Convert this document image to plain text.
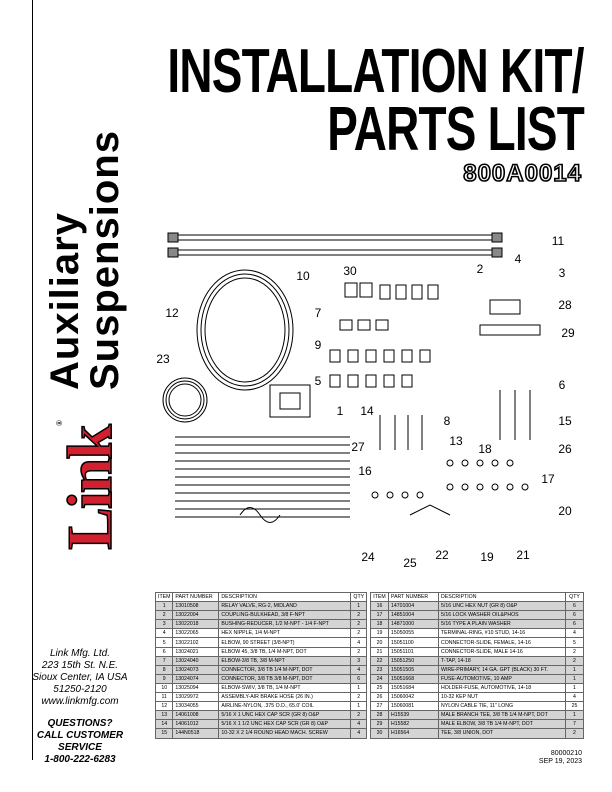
Auxiliary
Suspensions
Link
®
Link Mfg. Ltd.
223 15th St. N.E.
Sioux Center, IA USA
51250-2120
www.linkmfg.com
QUESTIONS?
CALL CUSTOMER
SERVICE
1-800-222-6283
INSTALLATION KIT/
PARTS LIST
800A0014
11
4
3
2
28
29
30
10
12	7
9
23
5	6
1 14
8
13
15
18	26
27
16
17
20
24 25
22	19 21
ITEM	PART NUMBER	DESCRIPTION	QTY
1	13010508	RELAY VALVE, RG-2, MIDLAND	1
2	13022004	COUPLING-BULKHEAD, 3/8 F-NPT	2
3	13022018	BUSHING-REDUCER, 1/2 M-NPT - 1/4 F-NPT	2
4	13022065	HEX NIPPLE, 1/4 M-NPT	2
5	13022102	ELBOW, 90 STREET (3/8-NPT)	4
6	13024021	ELBOW 45, 3/8 TB, 1/4 M-NPT, DOT	2
7	13024040	ELBOW-3/8 TB, 3/8 M-NPT	3
8	13024073	CONNECTOR, 3/8 TB 1/4 M-NPT, DOT	4
9	13024074	CONNECTOR, 3/8 TB 3/8 M-NPT, DOT	6
10	13025094	ELBOW-SWIV, 3/8 TB, 1/4 M-NPT	1
11	13029972	ASSEMBLY-AIR BRAKE HOSE (26 IN.)	2
12	13034055	AIRLINE-NYLON, .375 O.D., 65.0' COIL	1
13	14061008	5/16 X 1 UNC HEX CAP SCR (GR 8) O&P	2
14	14061012	5/16 X 1 1/2 UNC HEX CAP SCR (GR 8) O&P	4
15	144N0518	10-32 X 2 1/4 ROUND HEAD MACH. SCREW	4
ITEM	PART NUMBER	DESCRIPTION	QTY
16	14701004	5/16 UNC HEX NUT (GR 8) O&P	6
17	14851004	5/16 LOCK WASHER OIL&PHOS	6
18	14871000	5/16 TYPE A PLAIN WASHER	6
19	15050055	TERMINAL-RING, #10 STUD, 14-16	4
20	15051100	CONNECTOR-SLIDE, FEMALE, 14-16	5
21	15051101	CONNECTOR-SLIDE, MALE 14-16	2
22	15051250	T-TAP, 14-18	2
23	15051505	WIRE-PRIMARY, 14 GA. GPT (BLACK) 30 FT.	1
24	15051668	FUSE-AUTOMOTIVE, 10 AMP	1
25	15051684	HOLDER-FUSE, AUTOMOTIVE, 14-18	1
26	15060042	10-32 KEP NUT	4
27	15060081	NYLON CABLE TIE, 11" LONG	25
28	H15539	MALE BRANCH TEE, 3/8 TB 1/4 M-NPT, DOT	1
29	H15582	MALE ELBOW, 3/8 TB 1/4 M-NPT, DOT	7
30	H16564	TEE, 3/8 UNION, DOT	2
80000210
SEP 19, 2023
